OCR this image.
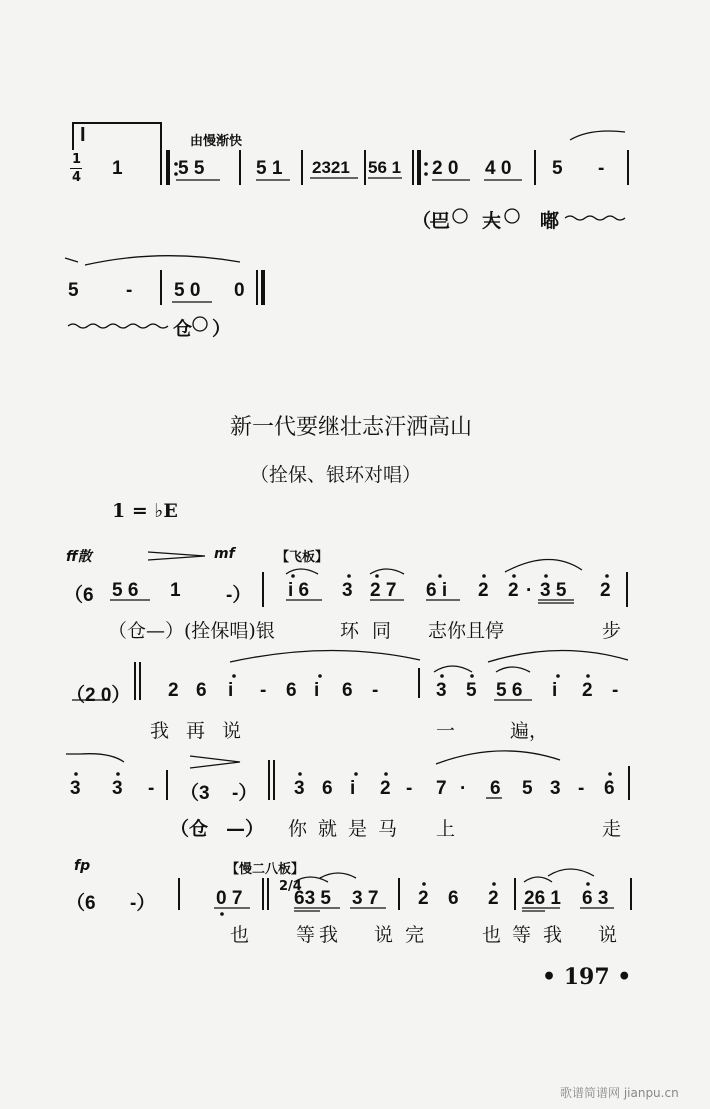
I	由慢渐快
1
4 1	5 5	5 1 2321 56 1 2 0 4 0 5 -
（巴 大 嘟
5 - 5 0 0
仓 ）
新一代要继壮志汗洒高山
（拴保、银环对唱）
1 = ♭E
ff散	mf	【飞板】
（6 5 6 1 -） i 6 3 2 7 6 i 2 2 · 3 5 2
（仓—）(拴保唱)银	环 同 志你且停	步
（2 0） 2 6 i - 6 i 6 -	3 5 5 6 i 2 -
我 再 说	一	遍，
3 3 - （3 -） 3 6 i 2 - 7 · 6 5 3 - 6
（仓 —） 你 就 是 马 上	走
fp	【慢二八板】
（6 -）	0 7
2/4
63 5 3 7 2 6 2 26 1 6 3
也 等我 说完 也 等我 说
• 197 •
歌谱简谱网 jianpu.cn
